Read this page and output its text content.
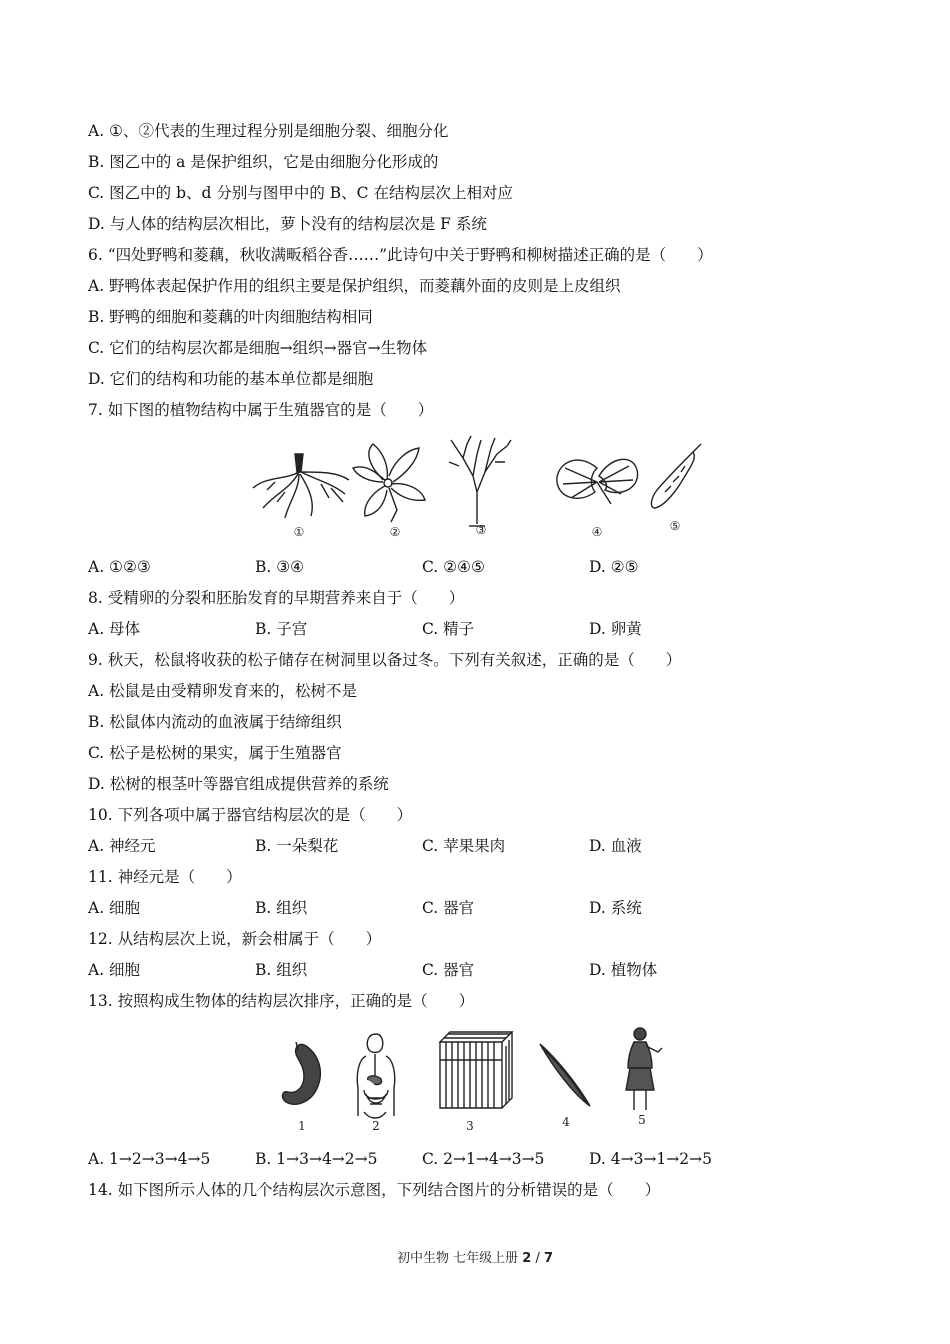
A. ①、②代表的生理过程分别是细胞分裂、细胞分化
B. 图乙中的 a 是保护组织，它是由细胞分化形成的
C. 图乙中的 b、d 分别与图甲中的 B、C 在结构层次上相对应
D. 与人体的结构层次相比，萝卜没有的结构层次是 F 系统
6. “四处野鸭和菱藕，秋收满畈稻谷香……”此诗句中关于野鸭和柳树描述正确的是（　　）
A. 野鸭体表起保护作用的组织主要是保护组织，而菱藕外面的皮则是上皮组织
B. 野鸭的细胞和菱藕的叶肉细胞结构相同
C. 它们的结构层次都是细胞→组织→器官→生物体
D. 它们的结构和功能的基本单位都是细胞
7. 如下图的植物结构中属于生殖器官的是（　　）
①	②	③	④	⑤
A. ①②③	B. ③④	C. ②④⑤	D. ②⑤
8. 受精卵的分裂和胚胎发育的早期营养来自于（　　）
A. 母体	B. 子宫	C. 精子	D. 卵黄
9. 秋天，松鼠将收获的松子储存在树洞里以备过冬。下列有关叙述，正确的是（　　）
A. 松鼠是由受精卵发育来的，松树不是
B. 松鼠体内流动的血液属于结缔组织
C. 松子是松树的果实，属于生殖器官
D. 松树的根茎叶等器官组成提供营养的系统
10. 下列各项中属于器官结构层次的是（　　）
A. 神经元	B. 一朵梨花	C. 苹果果肉	D. 血液
11. 神经元是（　　）
A. 细胞	B. 组织	C. 器官	D. 系统
12. 从结构层次上说，新会柑属于（　　）
A. 细胞	B. 组织	C. 器官	D. 植物体
13. 按照构成生物体的结构层次排序，正确的是（　　）
1	2	3	4	5
A. 1→2→3→4→5	B. 1→3→4→2→5	C. 2→1→4→3→5	D. 4→3→1→2→5
14. 如下图所示人体的几个结构层次示意图，下列结合图片的分析错误的是（　　）
初中生物 七年级上册 2 / 7
